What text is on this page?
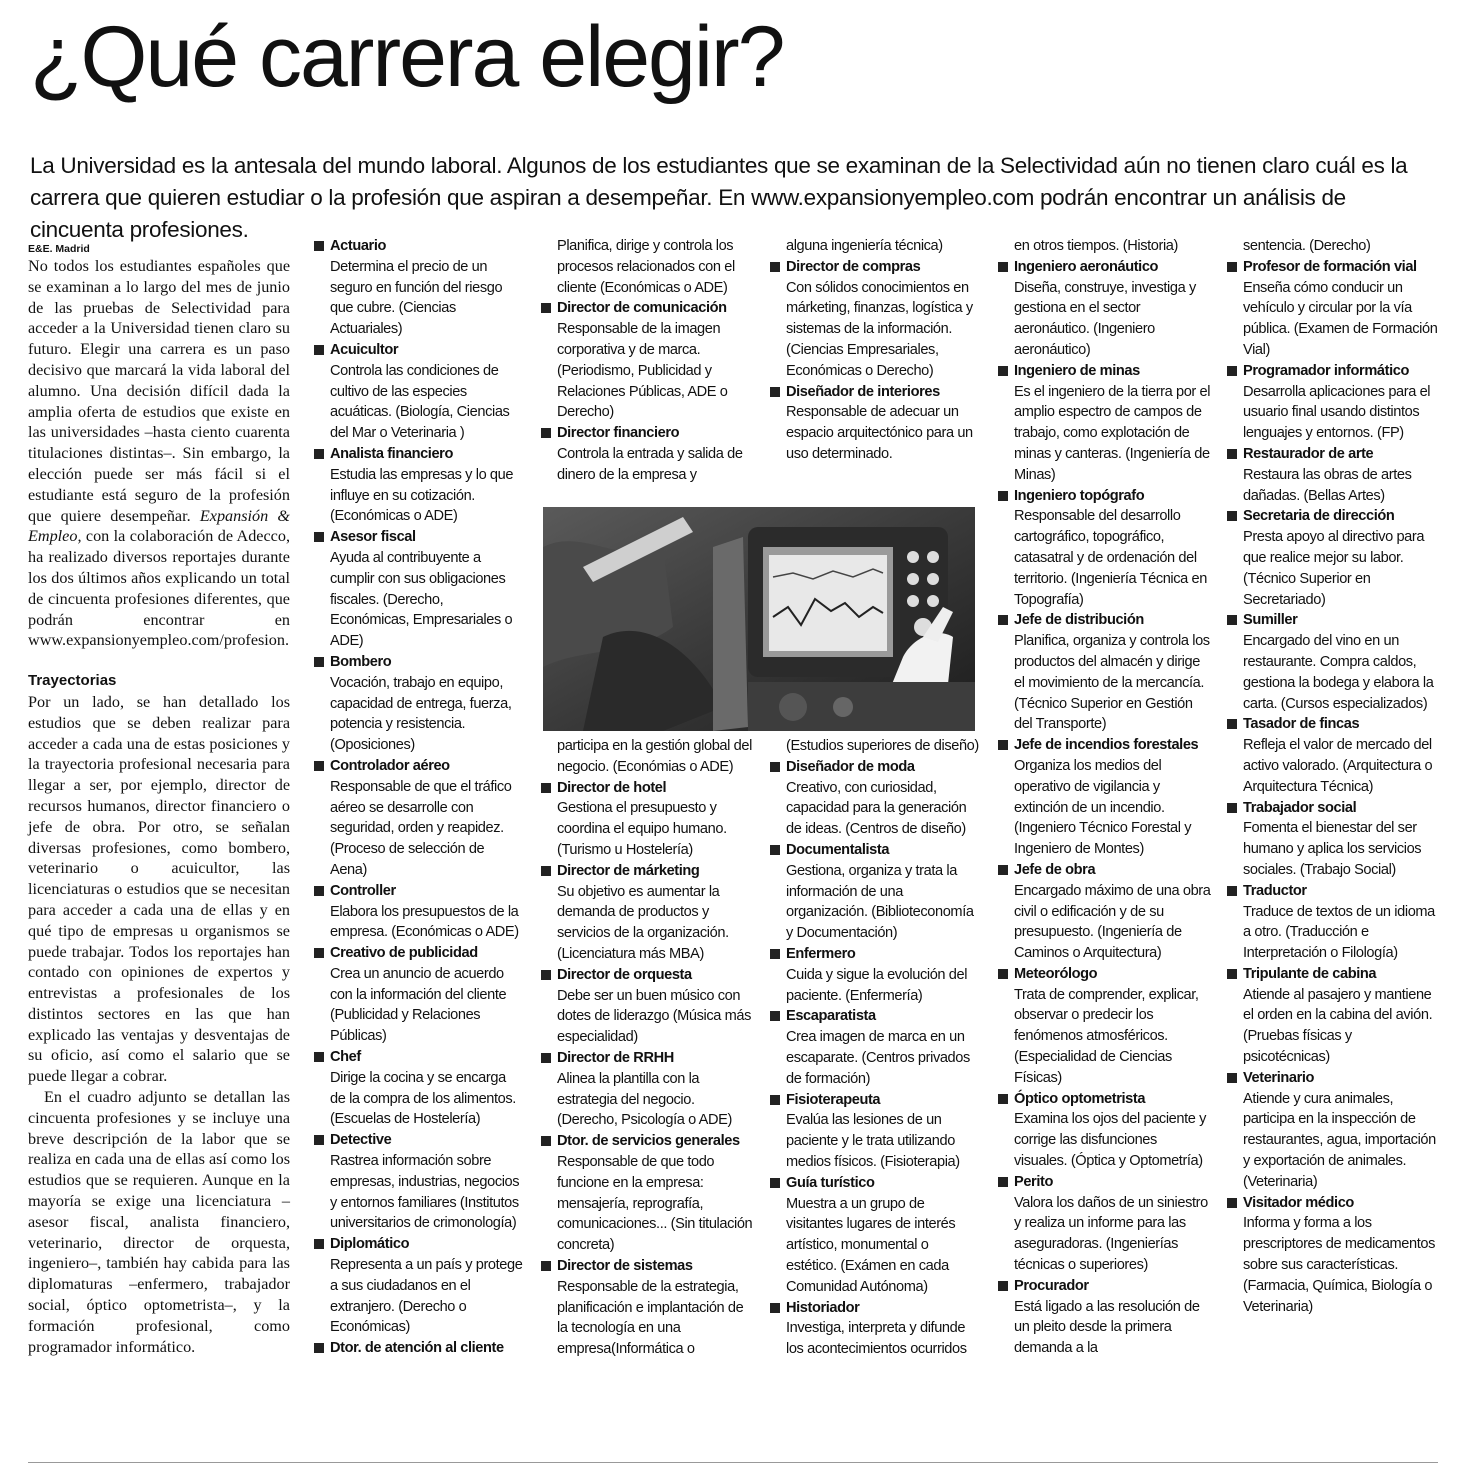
¿Qué carrera elegir?
La Universidad es la antesala del mundo laboral. Algunos de los estudiantes que se examinan de la Selectividad aún no tienen claro cuál es la carrera que quieren estudiar o la profesión que aspiran a desempeñar. En www.expansionyempleo.com podrán encontrar un análisis de cincuenta profesiones.
E&E. Madrid

No todos los estudiantes españoles que se examinan a lo largo del mes de junio de las pruebas de Selectividad para acceder a la Universidad tienen claro su futuro. Elegir una carrera es un paso decisivo que marcará la vida laboral del alumno. Una decisión difícil dada la amplia oferta de estudios que existe en las universidades –hasta ciento cuarenta titulaciones distintas–. Sin embargo, la elección puede ser más fácil si el estudiante está seguro de la profesión que quiere desempeñar. Expansión & Empleo, con la colaboración de Adecco, ha realizado diversos reportajes durante los dos últimos años explicando un total de cincuenta profesiones diferentes, que podrán encontrar en www.expansionyempleo.com/profesion.

Trayectorias

Por un lado, se han detallado los estudios que se deben realizar para acceder a cada una de estas posiciones y la trayectoria profesional necesaria para llegar a ser, por ejemplo, director de recursos humanos, director financiero o jefe de obra. Por otro, se señalan diversas profesiones, como bombero, veterinario o acuicultor, las licenciaturas o estudios que se necesitan para acceder a cada una de ellas y en qué tipo de empresas u organismos se puede trabajar. Todos los reportajes han contado con opiniones de expertos y entrevistas a profesionales de los distintos sectores en las que han explicado las ventajas y desventajas de su oficio, así como el salario que se puede llegar a cobrar.

En el cuadro adjunto se detallan las cincuenta profesiones y se incluye una breve descripción de la labor que se realiza en cada una de ellas así como los estudios que se requieren. Aunque en la mayoría se exige una licenciatura –asesor fiscal, analista financiero, veterinario, director de orquesta, ingeniero–, también hay cabida para las diplomaturas –enfermero, trabajador social, óptico optometrista–, y la formación profesional, como programador informático.

Actuario
Determina el precio de un seguro en función del riesgo que cubre. (Ciencias Actuariales)
Acuicultor
Controla las condiciones de cultivo de las especies acuáticas. (Biología, Ciencias del Mar o Veterinaria )
Analista financiero
Estudia las empresas y lo que influye en su cotización. (Económicas o ADE)
Asesor fiscal
Ayuda al contribuyente a cumplir con sus obligaciones fiscales. (Derecho, Económicas, Empresariales o ADE)
Bombero
Vocación, trabajo en equipo, capacidad de entrega, fuerza, potencia y resistencia. (Oposiciones)
Controlador aéreo
Responsable de que el tráfico aéreo se desarrolle con seguridad, orden y reapidez. (Proceso de selección de Aena)
Controller
Elabora los presupuestos de la empresa. (Económicas o ADE)
Creativo de publicidad
Crea un anuncio de acuerdo con la información del cliente (Publicidad y Relaciones Públicas)
Chef
Dirige la cocina y se encarga de la compra de los alimentos. (Escuelas de Hostelería)
Detective
Rastrea información sobre empresas, industrias, negocios y entornos familiares (Institutos universitarios de crimonología)
Diplomático
Representa a un país y protege a sus ciudadanos en el extranjero. (Derecho o Económicas)
Dtor. de atención al cliente
Planifica, dirige y controla los procesos relacionados con el cliente (Económicas o ADE)
Director de comunicación
Responsable de la imagen corporativa y de marca. (Periodismo, Publicidad y Relaciones Públicas, ADE o Derecho)
Director financiero
Controla la entrada y salida de dinero de la empresa y
alguna ingeniería técnica)
Director de compras
Con sólidos conocimientos en márketing, finanzas, logística y sistemas de la información. (Ciencias Empresariales, Económicas o Derecho)
Diseñador de interiores
Responsable de adecuar un espacio arquitectónico para un uso determinado.
participa en la gestión global del negocio. (Económias o ADE)
Director de hotel
Gestiona el presupuesto y coordina el equipo humano. (Turismo u Hostelería)
Director de márketing
Su objetivo es aumentar la demanda de productos y servicios de la organización. (Licenciatura más MBA)
Director de orquesta
Debe ser un buen músico con dotes de liderazgo (Música más especialidad)
Director de RRHH
Alinea la plantilla con la estrategia del negocio. (Derecho, Psicología o ADE)
Dtor. de servicios generales
Responsable de que todo funcione en la empresa: mensajería, reprografía, comunicaciones... (Sin titulación concreta)
Director de sistemas
Responsable de la estrategia, planificación e implantación de la tecnología en una empresa(Informática o
(Estudios superiores de diseño)
Diseñador de moda
Creativo, con curiosidad, capacidad para la generación de ideas. (Centros de diseño)
Documentalista
Gestiona, organiza y trata la información de una organización. (Biblioteconomía y Documentación)
Enfermero
Cuida y sigue la evolución del paciente. (Enfermería)
Escaparatista
Crea imagen de marca en un escaparate. (Centros privados de formación)
Fisioterapeuta
Evalúa las lesiones de un paciente y le trata utilizando medios físicos. (Fisioterapia)
Guía turístico
Muestra a un grupo de visitantes lugares de interés artístico, monumental o estético. (Exámen en cada Comunidad Autónoma)
Historiador
Investiga, interpreta y difunde los acontecimientos ocurridos
en otros tiempos. (Historia)
Ingeniero aeronáutico
Diseña, construye, investiga y gestiona en el sector aeronáutico. (Ingeniero aeronáutico)
Ingeniero de minas
Es el ingeniero de la tierra por el amplio espectro de campos de trabajo, como explotación de minas y canteras. (Ingeniería de Minas)
Ingeniero topógrafo
Responsable del desarrollo cartográfico, topográfico, catasatral y de ordenación del territorio. (Ingeniería Técnica en Topografía)
Jefe de distribución
Planifica, organiza y controla los productos del almacén y dirige el movimiento de la mercancía. (Técnico Superior en Gestión del Transporte)
Jefe de incendios forestales
Organiza los medios del operativo de vigilancia y extinción de un incendio. (Ingeniero Técnico Forestal y Ingeniero de Montes)
Jefe de obra
Encargado máximo de una obra civil o edificación y de su presupuesto. (Ingeniería de Caminos o Arquitectura)
Meteorólogo
Trata de comprender, explicar, observar o predecir los fenómenos atmosféricos. (Especialidad de Ciencias Físicas)
Óptico optometrista
Examina los ojos del paciente y corrige las disfunciones visuales. (Óptica y Optometría)
Perito
Valora los daños de un siniestro y realiza un informe para las aseguradoras. (Ingenierías técnicas o superiores)
Procurador
Está ligado a las resolución de un pleito desde la primera demanda a la
sentencia. (Derecho)
Profesor de formación vial
Enseña cómo conducir un vehículo y circular por la vía pública. (Examen de Formación Vial)
Programador informático
Desarrolla aplicaciones para el usuario final usando distintos lenguajes y entornos. (FP)
Restaurador de arte
Restaura las obras de artes dañadas. (Bellas Artes)
Secretaria de dirección
Presta apoyo al directivo para que realice mejor su labor. (Técnico Superior en Secretariado)
Sumiller
Encargado del vino en un restaurante. Compra caldos, gestiona la bodega y elabora la carta. (Cursos especializados)
Tasador de fincas
Refleja el valor de mercado del activo valorado. (Arquitectura o Arquitectura Técnica)
Trabajador social
Fomenta el bienestar del ser humano y aplica los servicios sociales. (Trabajo Social)
Traductor
Traduce de textos de un idioma a otro. (Traducción e Interpretación o Filología)
Tripulante de cabina
Atiende al pasajero y mantiene el orden en la cabina del avión. (Pruebas físicas y psicotécnicas)
Veterinario
Atiende y cura animales, participa en la inspección de restaurantes, agua, importación y exportación de animales. (Veterinaria)
Visitador médico
Informa y forma a los prescriptores de medicamentos sobre sus características. (Farmacia, Química, Biología o Veterinaria)
